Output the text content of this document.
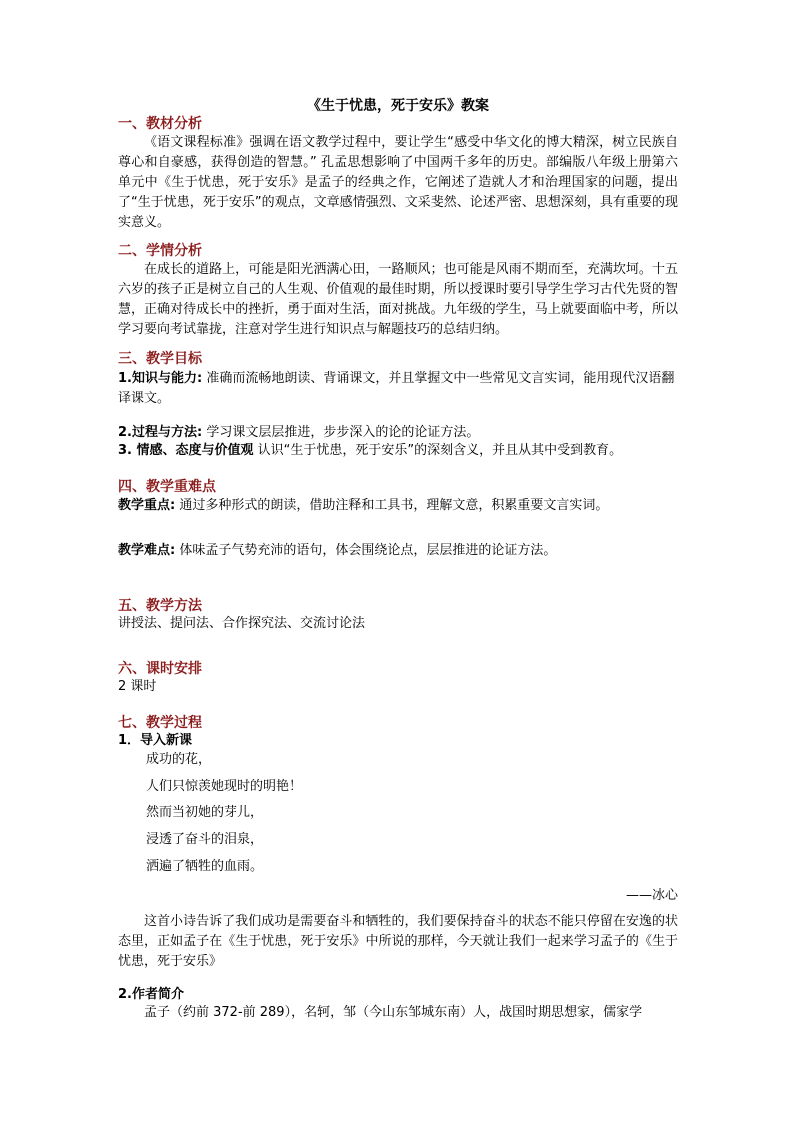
《生于忧患，死于安乐》教案
一、教材分析
《语文课程标准》强调在语文教学过程中，要让学生“感受中华文化的博大精深，树立民族自尊心和自豪感，获得创造的智慧。” 孔孟思想影响了中国两千多年的历史。部编版八年级上册第六单元中《生于忧患，死于安乐》是孟子的经典之作，它阐述了造就人才和治理国家的问题，提出了“生于忧患，死于安乐”的观点，文章感情强烈、文采斐然、论述严密、思想深刻，具有重要的现实意义。
二、学情分析
在成长的道路上，可能是阳光洒满心田，一路顺风；也可能是风雨不期而至，充满坎坷。十五六岁的孩子正是树立自己的人生观、价值观的最佳时期，所以授课时要引导学生学习古代先贤的智慧，正确对待成长中的挫折，勇于面对生活，面对挑战。九年级的学生，马上就要面临中考，所以学习要向考试靠拢，注意对学生进行知识点与解题技巧的总结归纳。
三、教学目标
1.知识与能力: 准确而流畅地朗读、背诵课文，并且掌握文中一些常见文言实词，能用现代汉语翻译课文。
2.过程与方法: 学习课文层层推进，步步深入的论的论证方法。
3. 情感、态度与价值观 认识“生于忧患，死于安乐”的深刻含义，并且从其中受到教育。
四、教学重难点
教学重点: 通过多种形式的朗读，借助注释和工具书，理解文意，积累重要文言实词。
教学难点: 体味孟子气势充沛的语句，体会围绕论点，层层推进的论证方法。
五、教学方法
讲授法、提问法、合作探究法、交流讨论法
六、课时安排
2 课时
七、教学过程
1．导入新课
成功的花，
人们只惊羡她现时的明艳！
然而当初她的芽儿，
浸透了奋斗的泪泉，
洒遍了牺牲的血雨。
——冰心
这首小诗告诉了我们成功是需要奋斗和牺牲的，我们要保持奋斗的状态不能只停留在安逸的状态里，正如孟子在《生于忧患，死于安乐》中所说的那样，今天就让我们一起来学习孟子的《生于忧患，死于安乐》
2.作者简介
孟子（约前 372-前 289），名轲，邹（今山东邹城东南）人，战国时期思想家，儒家学
